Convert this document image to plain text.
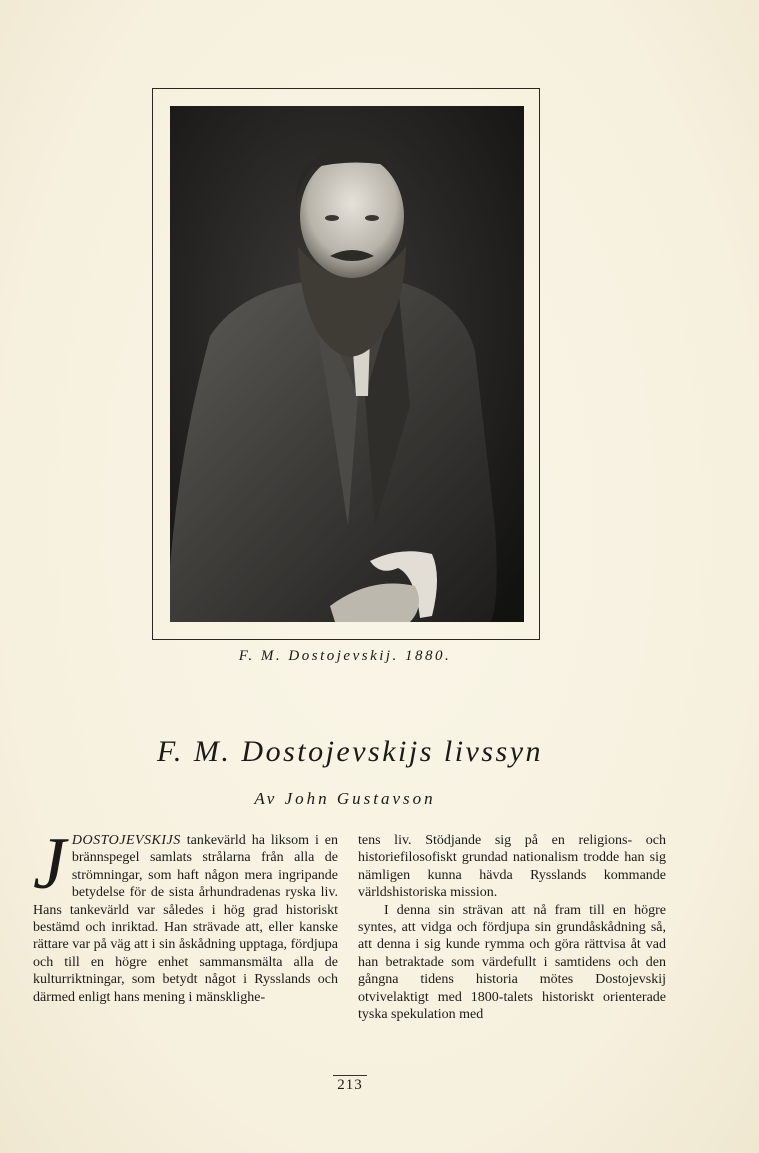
F. M. Dostojevskij. 1880.
F. M. Dostojevskijs livssyn
Av John Gustavson
J DOSTOJEVSKIJS tankevärld ha liksom i en brännspegel samlats strålarna från alla de strömningar, som haft någon mera ingripande betydelse för de sista århundradenas ryska liv. Hans tankevärld var således i hög grad historiskt bestämd och inriktad. Han strävade att, eller kanske rättare var på väg att i sin åskådning upptaga, fördjupa och till en högre enhet sammansmälta alla de kulturriktningar, som betydt något i Rysslands och därmed enligt hans mening i mänsklighe-

tens liv. Stödjande sig på en religions- och historiefilosofiskt grundad nationalism trodde han sig nämligen kunna hävda Rysslands kommande världshistoriska mission.

I denna sin strävan att nå fram till en högre syntes, att vidga och fördjupa sin grundåskådning så, att denna i sig kunde rymma och göra rättvisa åt vad han betraktade som värdefullt i samtidens och den gångna tidens historia mötes Dostojevskij otvivelaktigt med 1800-talets historiskt orienterade tyska spekulation med

213
